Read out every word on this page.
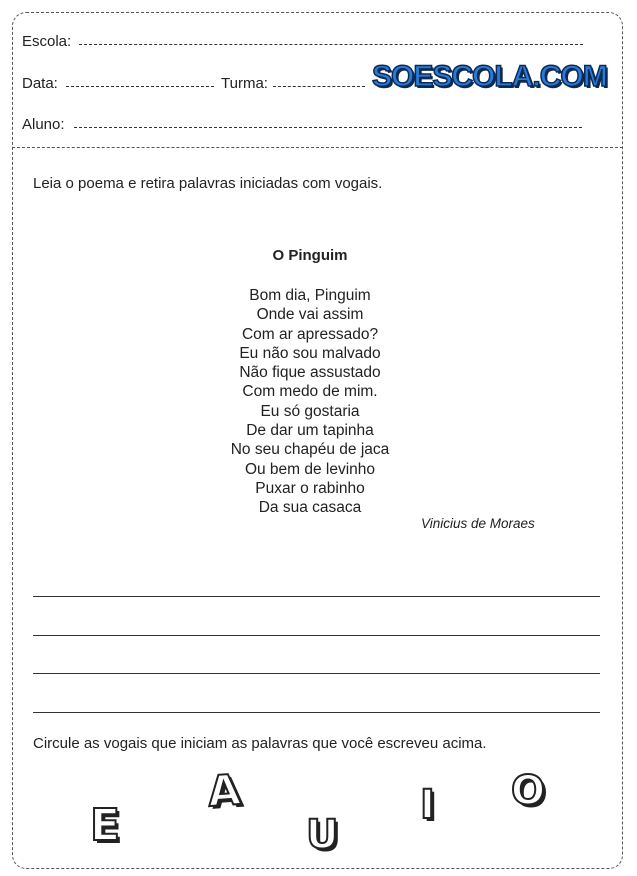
Escola:
Data:	Turma:	SOESCOLA.COM
Aluno:
Leia o poema e retira palavras iniciadas com vogais.
O Pinguim
Bom dia, Pinguim
Onde vai assim
Com ar apressado?
Eu não sou malvado
Não fique assustado
Com medo de mim.
Eu só gostaria
De dar um tapinha
No seu chapéu de jaca
Ou bem de levinho
Puxar o rabinho
Da sua casaca
Vinicius de Moraes
Circule as vogais que iniciam as palavras que você escreveu acima.
E
A
U
I O
